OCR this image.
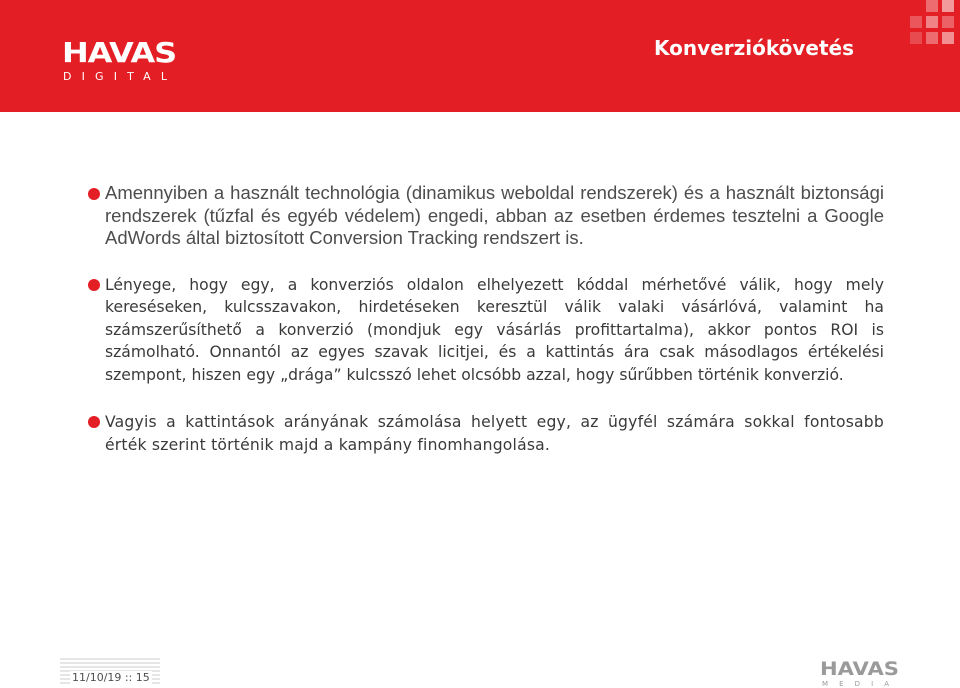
HAVAS
DIGITAL
Konverziókövetés
Amennyiben a használt technológia (dinamikus weboldal rendszerek) és a használt biztonsági rendszerek (tűzfal és egyéb védelem) engedi, abban az esetben érdemes tesztelni a Google AdWords által biztosított Conversion Tracking rendszert is.
Lényege, hogy egy, a konverziós oldalon elhelyezett kóddal mérhetővé válik, hogy mely kereséseken, kulcsszavakon, hirdetéseken keresztül válik valaki vásárlóvá, valamint ha számszerűsíthető a konverzió (mondjuk egy vásárlás profittartalma), akkor pontos ROI is számolható. Onnantól az egyes szavak licitjei, és a kattintás ára csak másodlagos értékelési szempont, hiszen egy „drága” kulcsszó lehet olcsóbb azzal, hogy sűrűbben történik konverzió.
Vagyis a kattintások arányának számolása helyett egy, az ügyfél számára sokkal fontosabb érték szerint történik majd a kampány finomhangolása.
11/10/19 :: 15	HAVAS
MEDIA
